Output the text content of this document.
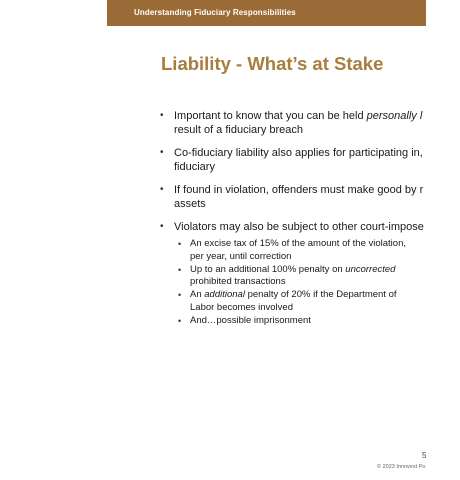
Understanding Fiduciary Responsibilities
Liability - What’s at Stake
• Important to know that you can be held personally l
result of a fiduciary breach
• Co-fiduciary liability also applies for participating in,
fiduciary
• If found in violation, offenders must make good by r
assets
• Violators may also be subject to other court-impose
• An excise tax of 15% of the amount of the violation,
per year, until correction
• Up to an additional 100% penalty on uncorrected
prohibited transactions
• An additional penalty of 20% if the Department of
Labor becomes involved
• And…possible imprisonment
5
© 2023 Innovest Po
